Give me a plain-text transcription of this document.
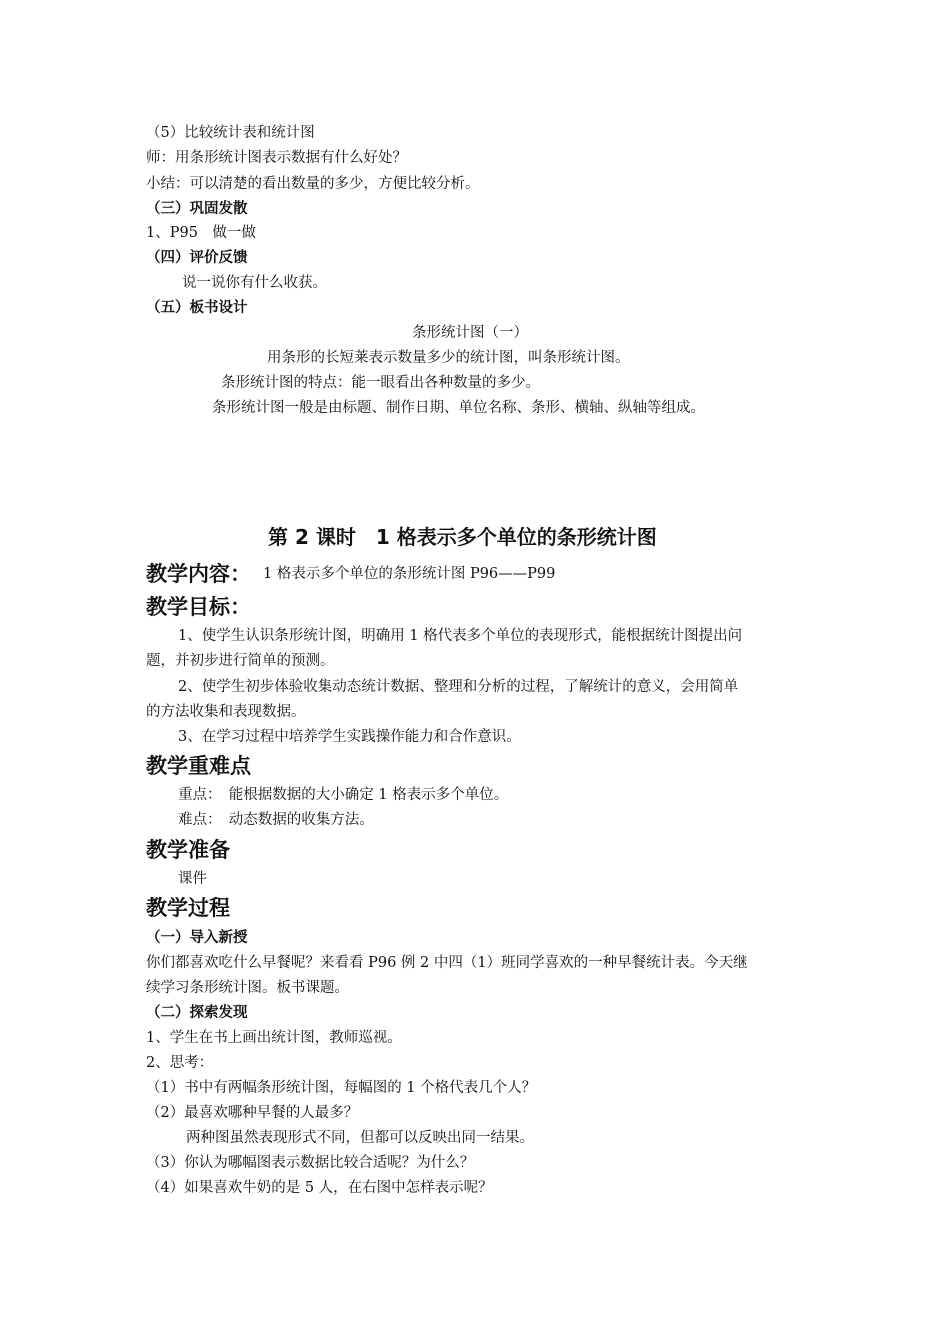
（5）比较统计表和统计图
师：用条形统计图表示数据有什么好处？
小结：可以清楚的看出数量的多少，方便比较分析。
（三）巩固发散
1、P95　做一做
（四）评价反馈
说一说你有什么收获。
（五）板书设计
条形统计图（一）
用条形的长短莱表示数量多少的统计图，叫条形统计图。
条形统计图的特点：能一眼看出各种数量的多少。
条形统计图一般是由标题、制作日期、单位名称、条形、横轴、纵轴等组成。
第 2 课时　1 格表示多个单位的条形统计图
教学内容： 1 格表示多个单位的条形统计图 P96——P99
教学目标：
1、使学生认识条形统计图，明确用 1 格代表多个单位的表现形式，能根据统计图提出问
题，并初步进行简单的预测。
2、使学生初步体验收集动态统计数据、整理和分析的过程，了解统计的意义，会用简单
的方法收集和表现数据。
3、在学习过程中培养学生实践操作能力和合作意识。
教学重难点
重点：　能根据数据的大小确定 1 格表示多个单位。
难点：　动态数据的收集方法。
教学准备
课件
教学过程
（一）导入新授
你们都喜欢吃什么早餐呢？来看看 P96 例 2 中四（1）班同学喜欢的一种早餐统计表。今天继
续学习条形统计图。板书课题。
（二）探索发现
1、学生在书上画出统计图，教师巡视。
2、思考：
（1）书中有两幅条形统计图，每幅图的 1 个格代表几个人？
（2）最喜欢哪种早餐的人最多？
两种图虽然表现形式不同，但都可以反映出同一结果。
（3）你认为哪幅图表示数据比较合适呢？为什么？
（4）如果喜欢牛奶的是 5 人，在右图中怎样表示呢？
